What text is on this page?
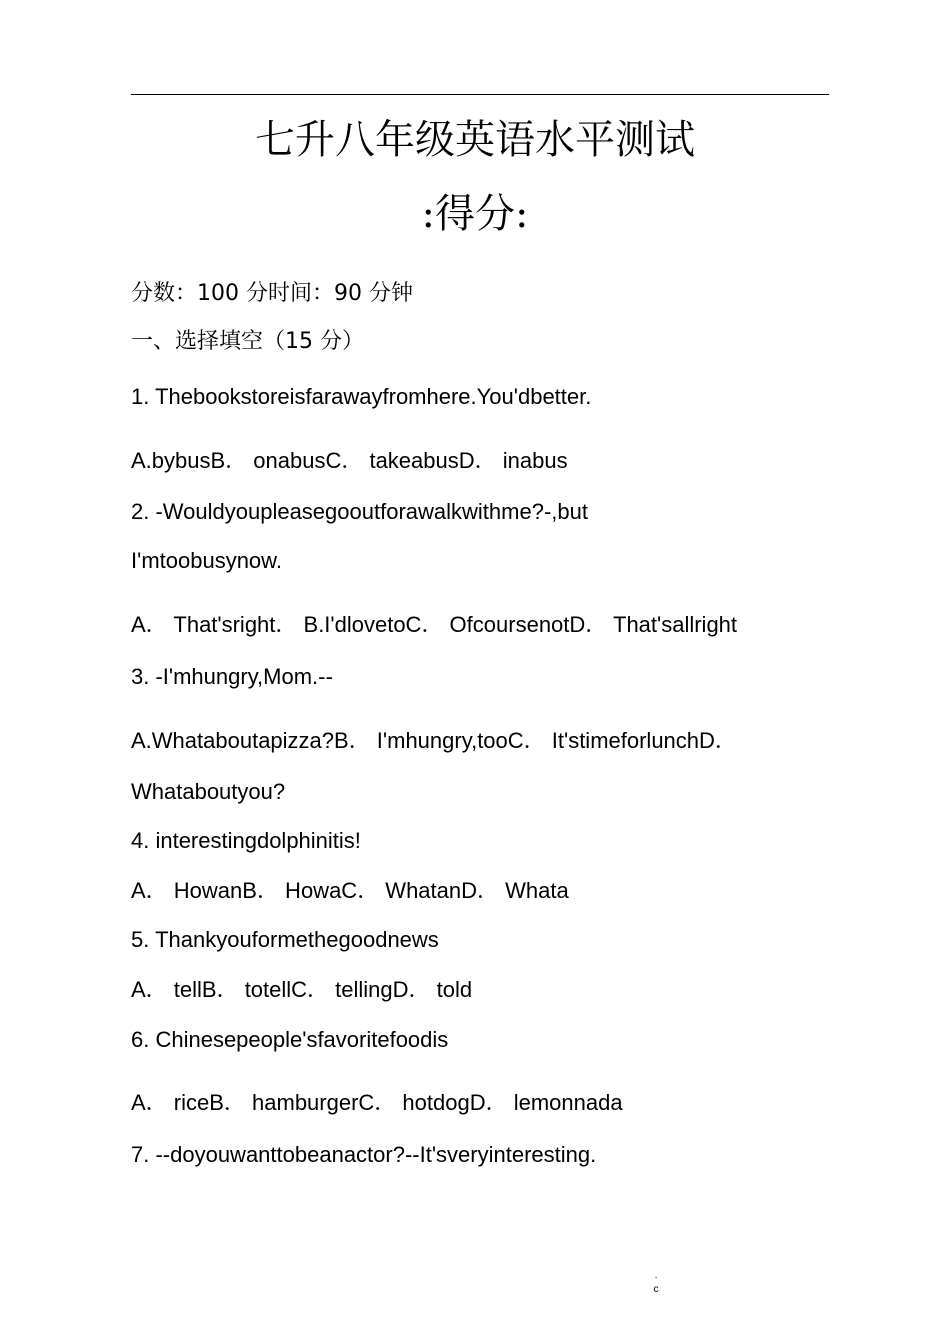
七升八年级英语水平测试
:得分:
分数：100 分时间：90 分钟
一、选择填空（15 分）
1. Thebookstoreisfarawayfromhere.You'dbetter.
A.bybusB． onabusC． takeabusD． inabus
2. -Wouldyoupleasegooutforawalkwithme?-,but
I'mtoobusynow.
A． That'sright． B.I'dlovetoC． OfcoursenotD． That'sallright
3. -I'mhungry,Mom.--
A.Whataboutapizza?B． I'mhungry,tooC． It'stimeforlunchD．
Whataboutyou?
4. interestingdolphinitis!
A． HowanB． HowaC． WhatanD． Whata
5. Thankyouformethegoodnews
A． tellB． totellC． tellingD． told
6. Chinesepeople'sfavoritefoodis
A． riceB． hamburgerC． hotdogD． lemonnada
7. --doyouwanttobeanactor?--It'sveryinteresting.
.
c
